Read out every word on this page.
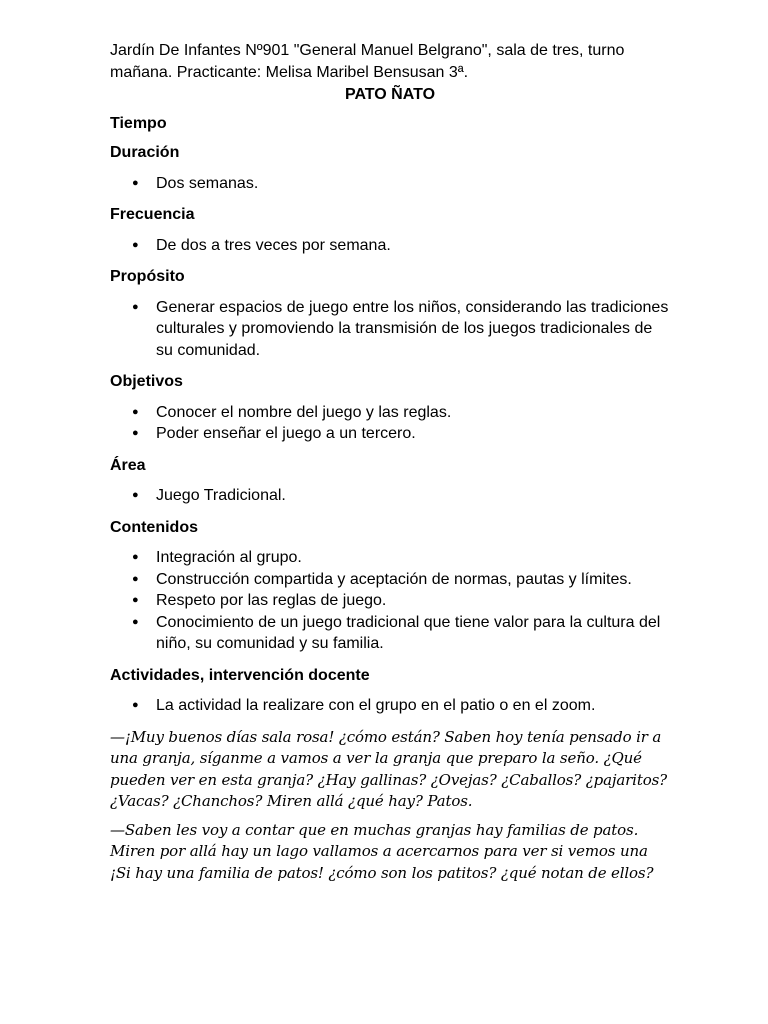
Jardín De Infantes Nº901 "General Manuel Belgrano", sala de tres, turno mañana. Practicante: Melisa Maribel Bensusan 3ª.

PATO ÑATO

Tiempo

Duración

● Dos semanas.

Frecuencia

● De dos a tres veces por semana.

Propósito

● Generar espacios de juego entre los niños, considerando las tradiciones culturales y promoviendo la transmisión de los juegos tradicionales de su comunidad.

Objetivos

● Conocer el nombre del juego y las reglas.
● Poder enseñar el juego a un tercero.

Área

● Juego Tradicional.

Contenidos

● Integración al grupo.
● Construcción compartida y aceptación de normas, pautas y límites.
● Respeto por las reglas de juego.
● Conocimiento de un juego tradicional que tiene valor para la cultura del niño, su comunidad y su familia.

Actividades, intervención docente

● La actividad la realizare con el grupo en el patio o en el zoom.

—¡Muy buenos días sala rosa! ¿cómo están? Saben hoy tenía pensado ir a una granja, síganme a vamos a ver la granja que preparo la seño. ¿Qué pueden ver en esta granja? ¿Hay gallinas? ¿Ovejas? ¿Caballos? ¿pajaritos? ¿Vacas? ¿Chanchos? Miren allá ¿qué hay? Patos.

—Saben les voy a contar que en muchas granjas hay familias de patos. Miren por allá hay un lago vallamos a acercarnos para ver si vemos una ¡Si hay una familia de patos! ¿cómo son los patitos? ¿qué notan de ellos?
